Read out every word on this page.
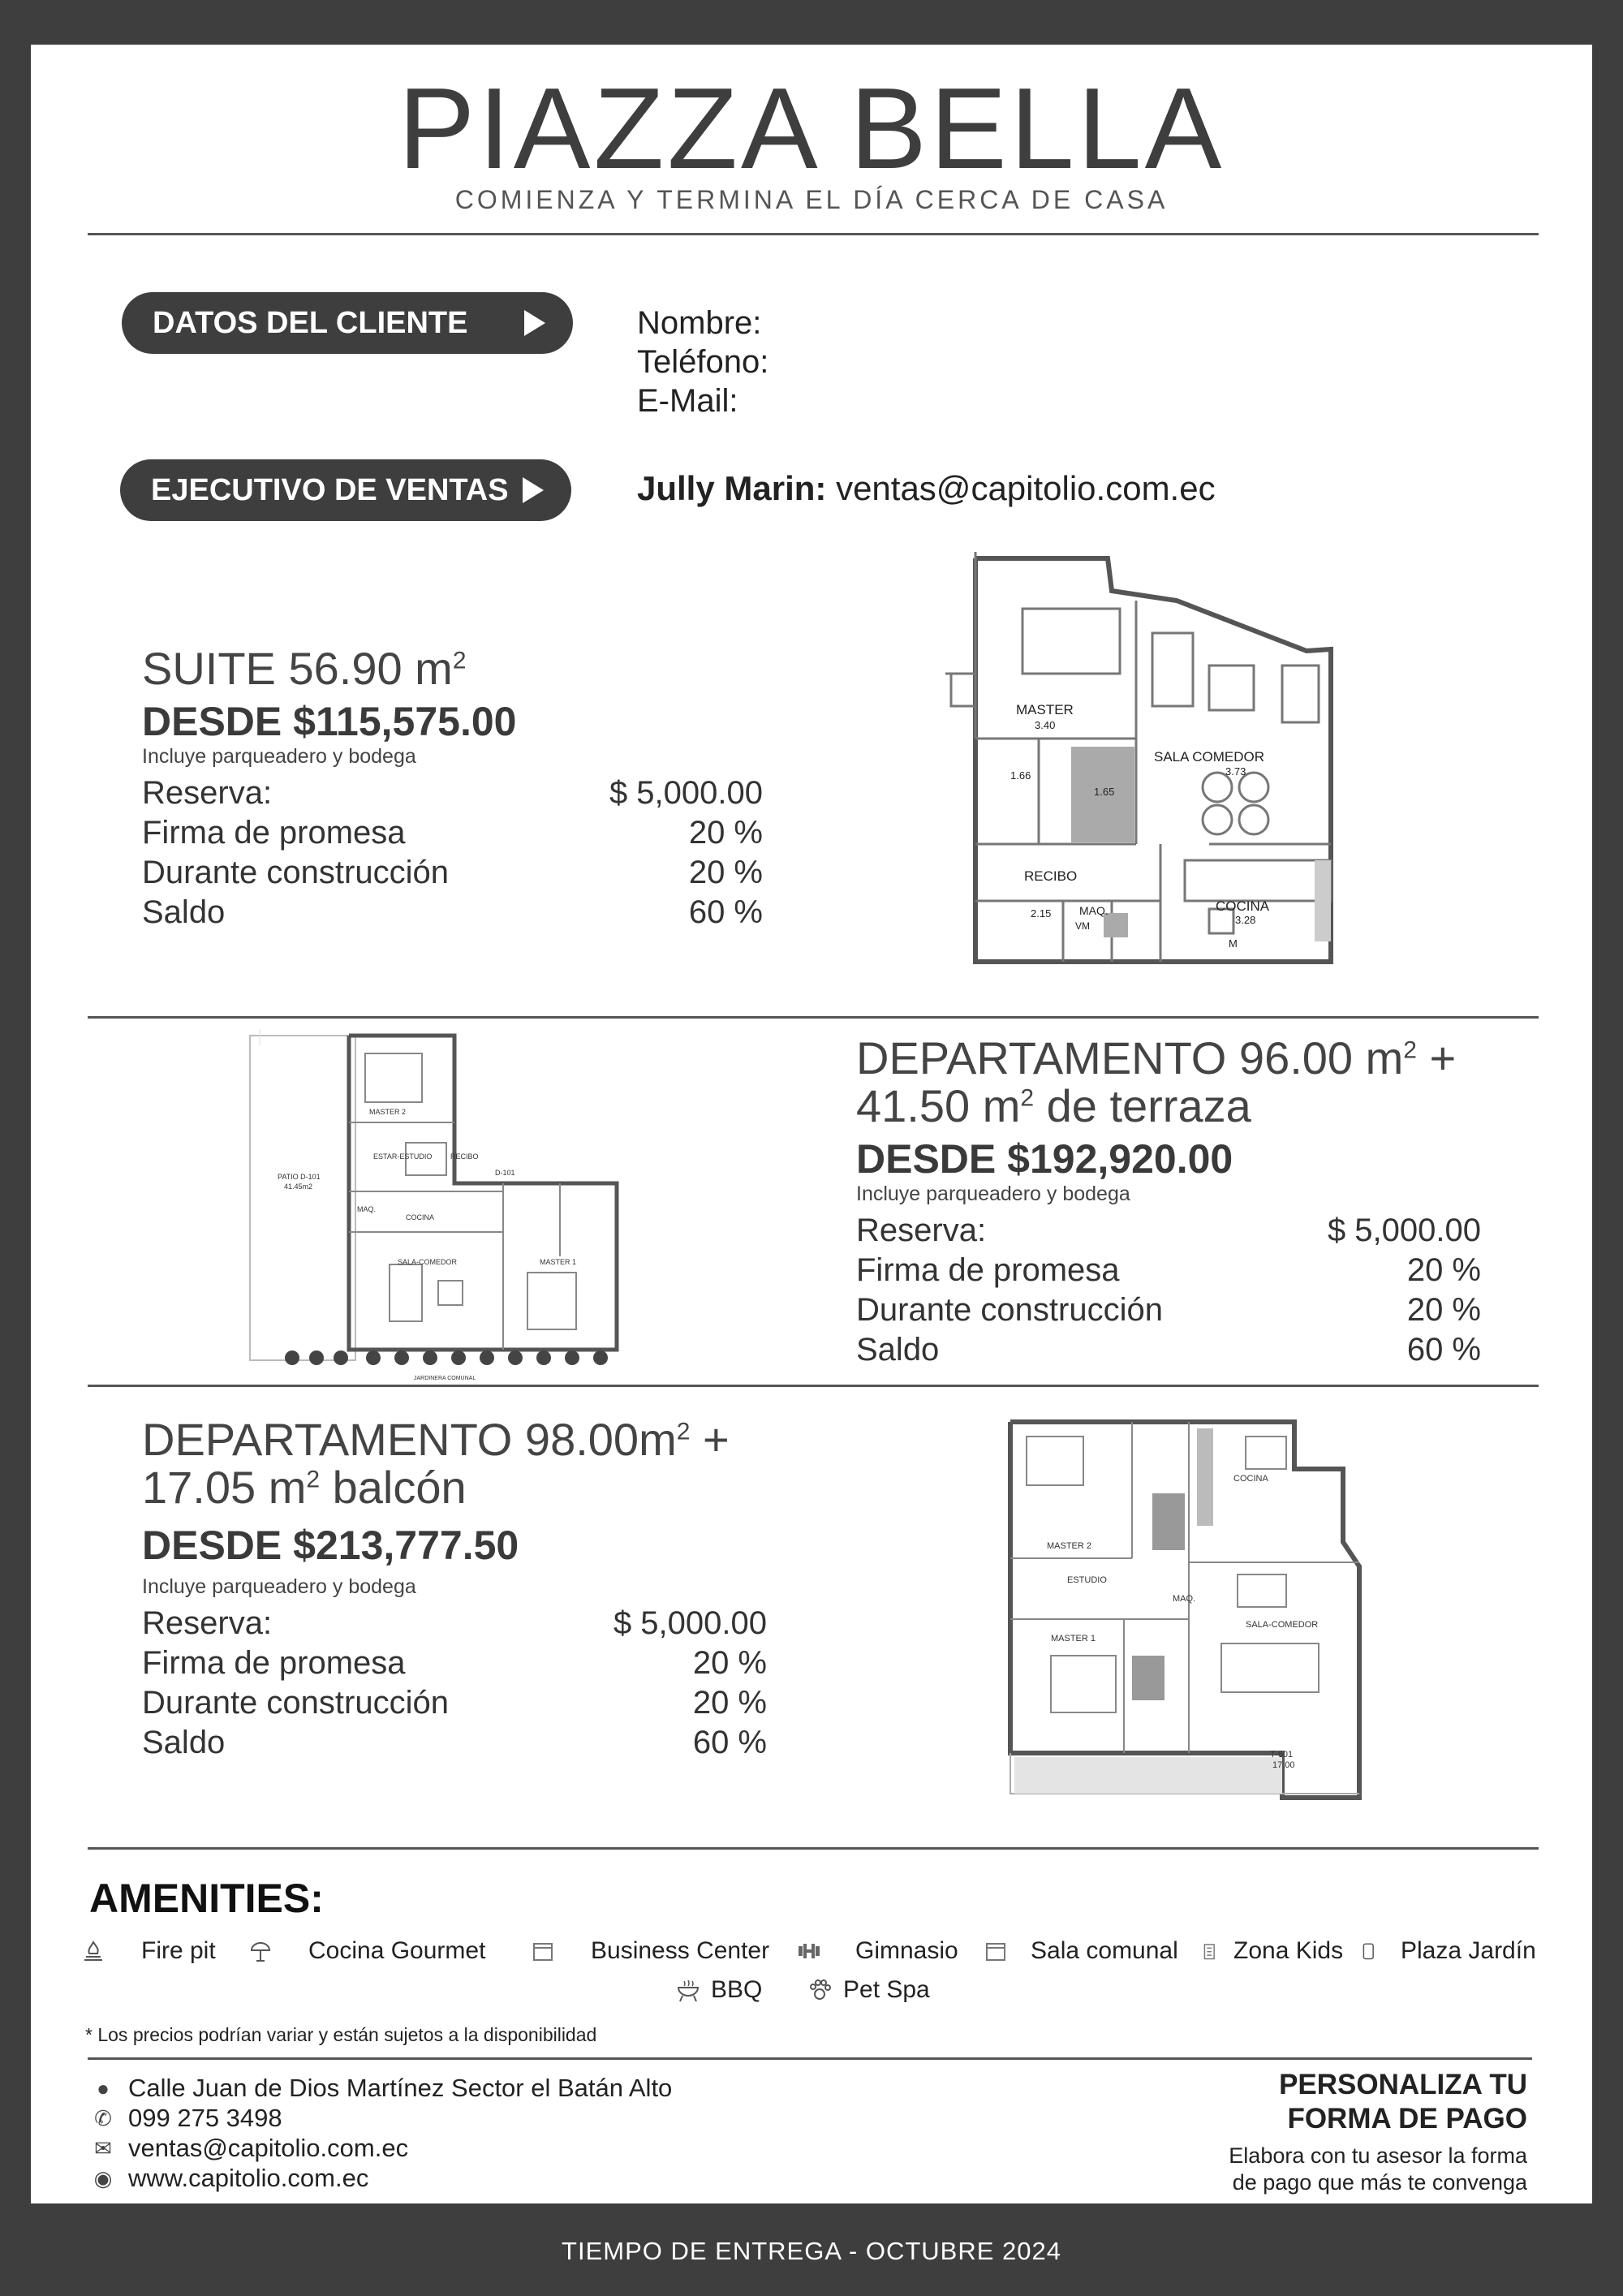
PIAZZA BELLA
COMIENZA Y TERMINA EL DÍA CERCA DE CASA
DATOS DEL CLIENTE	Nombre:
Teléfono:
E-Mail:
EJECUTIVO DE VENTAS	Jully Marin: ventas@capitolio.com.ec
SUITE 56.90 $m^2$
DESDE $115,575.00
Incluye parqueadero y bodega
Reserva:	$ 5,000.00
Firma de promesa	20 %
Durante construcción	20 %
Saldo	60 %
MASTER
3.40
SALA COMEDOR
3.73
RECIBO
MAQ.	COCINA
3.28
1.66
1.65
2.15
VM
M
MASTER 2
ESTAR-ESTUDIO	RECIBO
PATIO D-101
41.45m2
COCINA
SALA-COMEDOR	MASTER 1
D-101
MAQ.
JARDINERA COMUNAL
DEPARTAMENTO 96.00 $m^2$ +
41.50 $m^2$ de terraza
DESDE $192,920.00
Incluye parqueadero y bodega
Reserva:	$ 5,000.00
Firma de promesa	20 %
Durante construcción	20 %
Saldo	60 %
DEPARTAMENTO $98.00m^2$ +
17.05 $m^2$ balcón
DESDE $213,777.50
Incluye parqueadero y bodega
Reserva:	$ 5,000.00
Firma de promesa	20 %
Durante construcción	20 %
Saldo	60 %
COCINA
MASTER 2
ESTUDIO
MAQ.
SALA-COMEDOR
MASTER 1
T-601
17.00
AMENITIES:
Fire pit	Cocina Gourmet	Business Center	Gimnasio	Sala comunal Zona Kids Plaza Jardín
BBQ	Pet Spa
* Los precios podrían variar y están sujetos a la disponibilidad
● Calle Juan de Dios Martínez Sector el Batán Alto
✆ 099 275 3498
✉ ventas@capitolio.com.ec
◉ www.capitolio.com.ec
PERSONALIZA TU
FORMA DE PAGO
Elabora con tu asesor la forma
de pago que más te convenga
TIEMPO DE ENTREGA - OCTUBRE 2024
